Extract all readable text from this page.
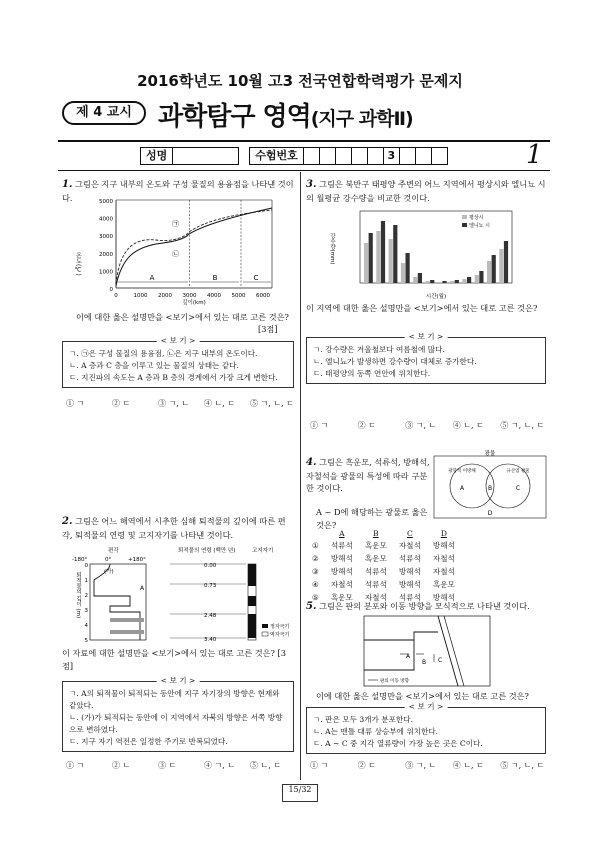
2016학년도 10월 고3 전국연합학력평가 문제지
제 4 교시	과학탐구 영역(지구 과학Ⅱ)
성명	수험번호	3	1
1. 그림은 지구 내부의 온도와 구성 물질의 용융점을 나타낸 것이다.
온도(℃)
5000
4000
3000
2000
1000
0
0	1000 2000 3000 4000 5000 6000
깊이(km)
A	B	C
㉠
㉡
이에 대한 옳은 설명만을 <보기>에서 있는 대로 고른 것은?
[3점]
< 보 기 >
ㄱ. ㉠은 구성 물질의 용융점, ㉡은 지구 내부의 온도이다.
ㄴ. A 층과 C 층을 이루고 있는 물질의 상태는 같다.
ㄷ. 지진파의 속도는 A 층과 B 층의 경계에서 가장 크게 변한다.
① ㄱ	② ㄷ	③ ㄱ, ㄴ	④ ㄴ, ㄷ	⑤ ㄱ, ㄴ, ㄷ
2. 그림은 어느 해역에서 시추한 심해 퇴적물의 깊이에 따른 편각, 퇴적물의 연령 및 고지자기를 나타낸 것이다.
편각	퇴적물의 연령 (백만 년)	고지자기
-180°	0°	+180°
퇴적물의 깊이 (m)
0
1
2
3
4
5
(가)
A
0.00
0.73
2.48
3.40
정자극기
역자극기
이 자료에 대한 설명만을 <보기>에서 있는 대로 고른 것은? [3점]
< 보 기 >
ㄱ. A의 퇴적물이 퇴적되는 동안에 지구 자기장의 방향은 현재와 같았다.
ㄴ. (가)가 퇴적되는 동안에 이 지역에서 자북의 방향은 서쪽 방향으로 변하였다.
ㄷ. 지구 자기 역전은 일정한 주기로 반복되었다.
① ㄱ	② ㄴ	③ ㄷ	④ ㄱ, ㄴ	⑤ ㄴ, ㄷ
3. 그림은 북반구 태평양 주변의 어느 지역에서 평상시와 엘니뇨 시의 월평균 강수량을 비교한 것이다.
강수량(mm)
시간(월)
평상시
엘니뇨 시
이 지역에 대한 옳은 설명만을 <보기>에서 있는 대로 고른 것은?
< 보 기 >
ㄱ. 강수량은 겨울철보다 여름철에 많다.
ㄴ. 엘니뇨가 발생하면 강수량이 대체로 증가한다.
ㄷ. 태평양의 동쪽 연안에 위치한다.
① ㄱ	② ㄷ	③ ㄱ, ㄴ	④ ㄴ, ㄷ	⑤ ㄱ, ㄴ, ㄷ
4. 그림은 흑운모, 석류석, 방해석, 자철석을 광물의 특성에 따라 구분한 것이다.
A ~ D에 해당하는 광물로 옳은 것은?
광물
광학적 이방체	규산염 광물
A	B	C
D
	A	B	C	D
①	석류석	흑운모	자철석	방해석
②	방해석	흑운모	석류석	자철석
③	방해석	석류석	방해석	자철석
④	자철석	석류석	방해석	흑운모
⑤	흑운모	자철석	석류석	방해석
5. 그림은 판의 분포와 이동 방향을 모식적으로 나타낸 것이다.
A
B C
판의 이동 방향
이에 대한 옳은 설명만을 <보기>에서 있는 대로 고른 것은?
< 보 기 >
ㄱ. 판은 모두 3개가 분포한다.
ㄴ. A는 맨틀 대류 상승부에 위치한다.
ㄷ. A ~ C 중 지각 열류량이 가장 높은 곳은 C이다.
① ㄱ	② ㄷ	③ ㄱ, ㄴ	④ ㄴ, ㄷ	⑤ ㄱ, ㄴ, ㄷ
15/32
